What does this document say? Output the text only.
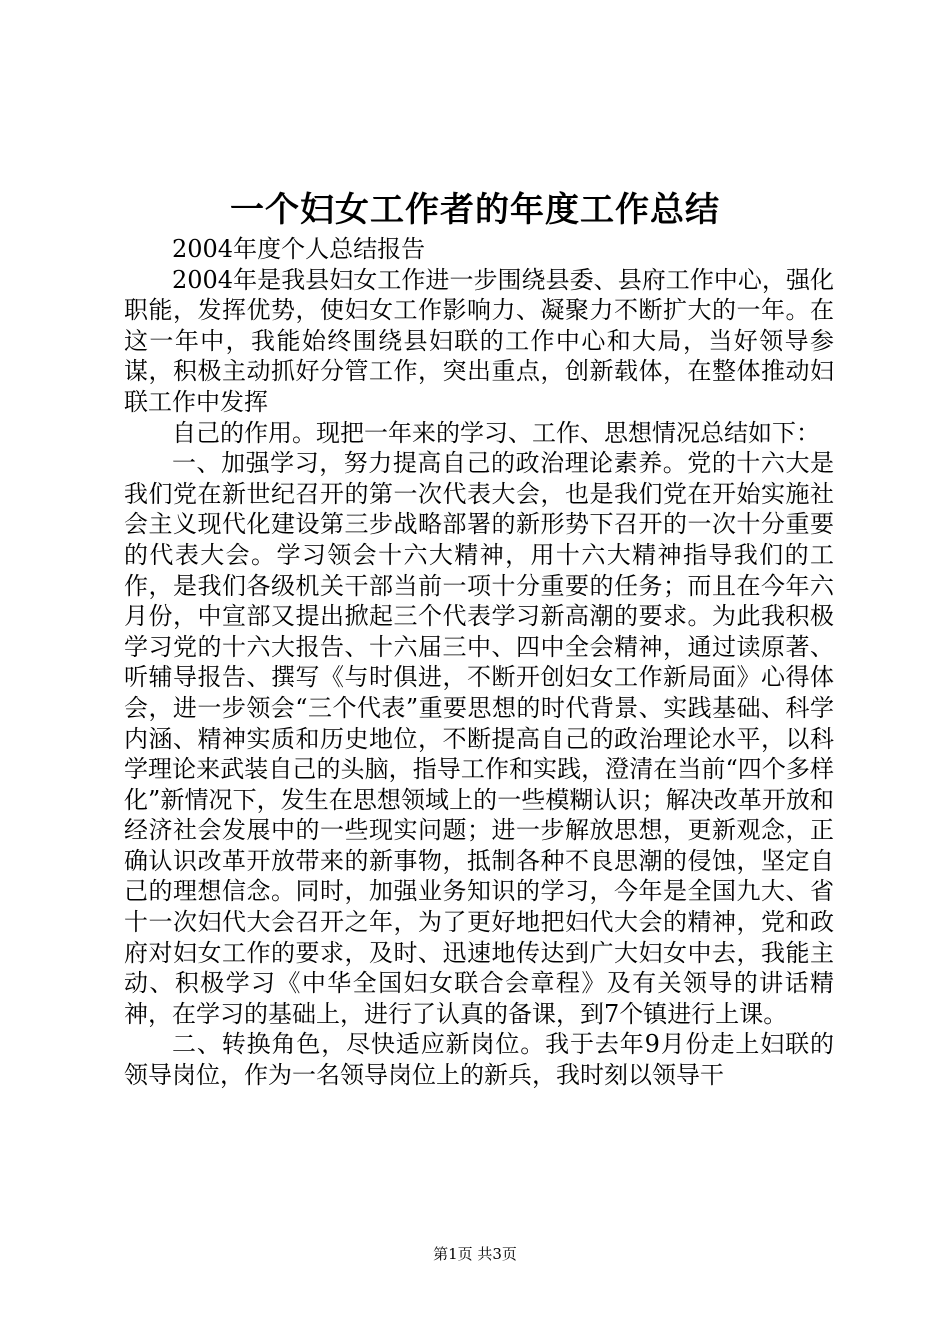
一个妇女工作者的年度工作总结

2004年度个人总结报告

2004年是我县妇女工作进一步围绕县委、县府工作中心，强化职能，发挥优势，使妇女工作影响力、凝聚力不断扩大的一年。在这一年中，我能始终围绕县妇联的工作中心和大局，当好领导参谋，积极主动抓好分管工作，突出重点，创新载体，在整体推动妇联工作中发挥

自己的作用。现把一年来的学习、工作、思想情况总结如下：

一、加强学习，努力提高自己的政治理论素养。党的十六大是我们党在新世纪召开的第一次代表大会，也是我们党在开始实施社会主义现代化建设第三步战略部署的新形势下召开的一次十分重要的代表大会。学习领会十六大精神，用十六大精神指导我们的工作，是我们各级机关干部当前一项十分重要的任务；而且在今年六月份，中宣部又提出掀起三个代表学习新高潮的要求。为此我积极学习党的十六大报告、十六届三中、四中全会精神，通过读原著、听辅导报告、撰写《与时俱进，不断开创妇女工作新局面》心得体会，进一步领会“三个代表”重要思想的时代背景、实践基础、科学内涵、精神实质和历史地位，不断提高自己的政治理论水平，以科学理论来武装自己的头脑，指导工作和实践，澄清在当前“四个多样化”新情况下，发生在思想领域上的一些模糊认识；解决改革开放和经济社会发展中的一些现实问题；进一步解放思想，更新观念，正确认识改革开放带来的新事物，抵制各种不良思潮的侵蚀，坚定自己的理想信念。同时，加强业务知识的学习，今年是全国九大、省十一次妇代大会召开之年，为了更好地把妇代大会的精神，党和政府对妇女工作的要求，及时、迅速地传达到广大妇女中去，我能主动、积极学习《中华全国妇女联合会章程》及有关领导的讲话精神，在学习的基础上，进行了认真的备课，到7个镇进行上课。

二、转换角色，尽快适应新岗位。我于去年9月份走上妇联的领导岗位，作为一名领导岗位上的新兵，我时刻以领导干

第1页 共3页
